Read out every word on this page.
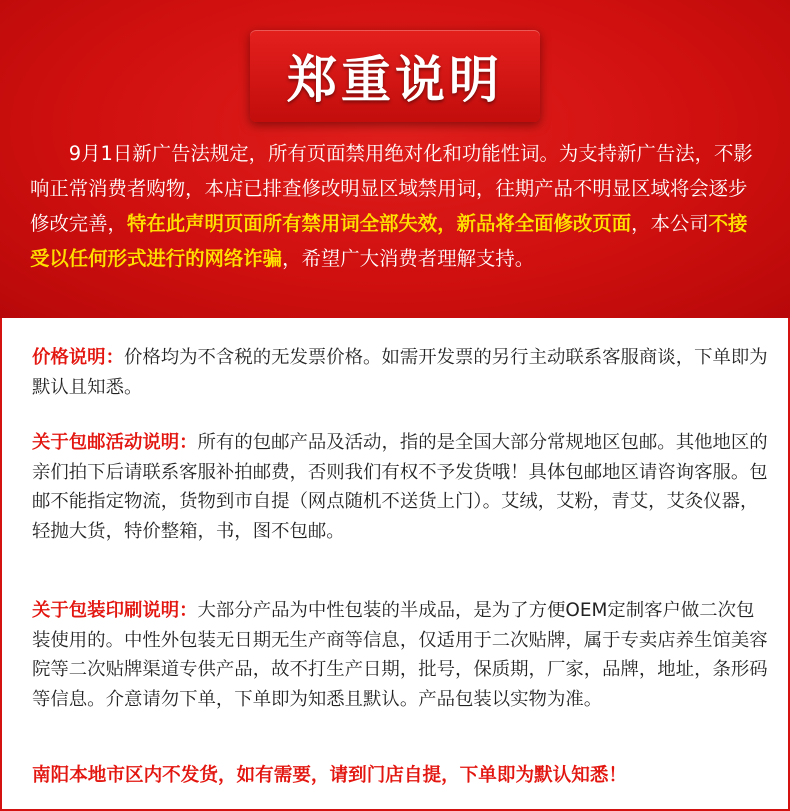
郑重说明

9月1日新广告法规定，所有页面禁用绝对化和功能性词。为支持新广告法，不影响正常消费者购物，本店已排查修改明显区域禁用词，往期产品不明显区域将会逐步修改完善，特在此声明页面所有禁用词全部失效，新品将全面修改页面，本公司不接受以任何形式进行的网络诈骗，希望广大消费者理解支持。

价格说明：价格均为不含税的无发票价格。如需开发票的另行主动联系客服商谈，下单即为默认且知悉。

关于包邮活动说明：所有的包邮产品及活动，指的是全国大部分常规地区包邮。其他地区的亲们拍下后请联系客服补拍邮费，否则我们有权不予发货哦！具体包邮地区请咨询客服。包邮不能指定物流，货物到市自提（网点随机不送货上门）。艾绒，艾粉，青艾，艾灸仪器，轻抛大货，特价整箱，书，图不包邮。

关于包装印刷说明：大部分产品为中性包装的半成品，是为了方便OEM定制客户做二次包装使用的。中性外包装无日期无生产商等信息，仅适用于二次贴牌，属于专卖店养生馆美容院等二次贴牌渠道专供产品，故不打生产日期，批号，保质期，厂家，品牌，地址，条形码等信息。介意请勿下单，下单即为知悉且默认。产品包装以实物为准。

南阳本地市区内不发货，如有需要，请到门店自提，下单即为默认知悉！
